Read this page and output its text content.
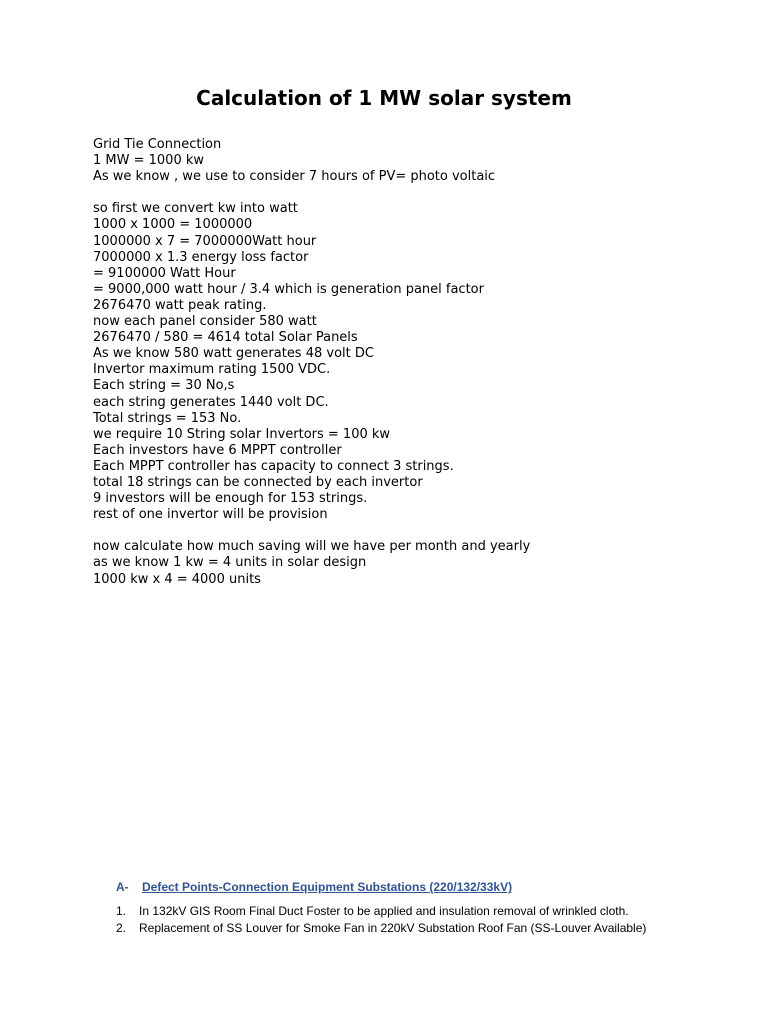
Calculation of 1 MW solar system
Grid Tie Connection
1 MW = 1000 kw
As we know , we use to consider 7 hours of PV= photo voltaic
so first we convert kw into watt
1000 x 1000 = 1000000
1000000 x 7 = 7000000Watt hour
7000000 x 1.3 energy loss factor
= 9100000 Watt Hour
= 9000,000 watt hour / 3.4 which is generation panel factor
2676470 watt peak rating.
now each panel consider 580 watt
2676470 / 580 = 4614 total Solar Panels
As we know 580 watt generates 48 volt DC
Invertor maximum rating 1500 VDC.
Each string = 30 No,s
each string generates 1440 volt DC.
Total strings = 153 No.
we require 10 String solar Invertors = 100 kw
Each investors have 6 MPPT controller
Each MPPT controller has capacity to connect 3 strings.
total 18 strings can be connected by each invertor
9 investors will be enough for 153 strings.
rest of one invertor will be provision
now calculate how much saving will we have per month and yearly
as we know 1 kw = 4 units in solar design
1000 kw x 4 = 4000 units
A-	Defect Points-Connection Equipment Substations (220/132/33kV)
1.	In 132kV GIS Room Final Duct Foster to be applied and insulation removal of wrinkled cloth.
2.	Replacement of SS Louver for Smoke Fan in 220kV Substation Roof Fan (SS-Louver Available)
